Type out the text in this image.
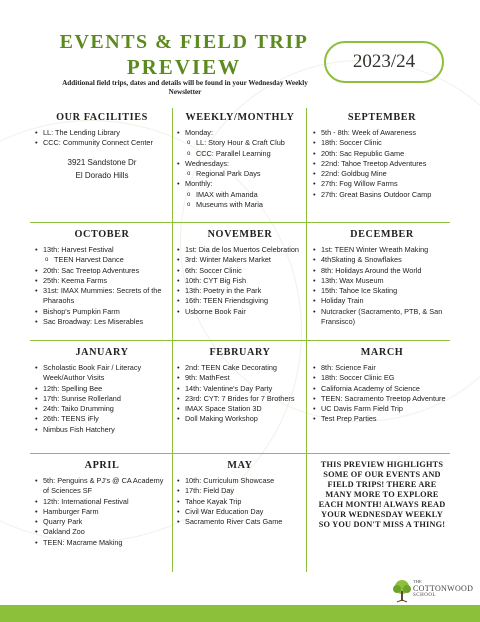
EVENTS & FIELD TRIP
PREVIEW	2023/24
Additional field trips, dates and details will be found in your Wednesday Weekly Newsletter
OUR FACILITIES
• LL: The Lending Library
• CCC: Community Connect Center
3921 Sandstone Dr
El Dorado Hills
WEEKLY/MONTHLY
• Monday:
o LL: Story Hour & Craft Club
o CCC: Parallel Learning
• Wednesdays:
o Regional Park Days
• Monthly:
o IMAX with Amanda
o Museums with Maria
SEPTEMBER
• 5th - 8th: Week of Awareness
• 18th: Soccer Clinic
• 20th: Sac Republic Game
• 22nd: Tahoe Treetop Adventures
• 22nd: Goldbug Mine
• 27th: Fog Willow Farms
• 27th: Great Basins Outdoor Camp
OCTOBER
• 13th: Harvest Festival
o TEEN Harvest Dance
• 20th: Sac Treetop Adventures
• 25th: Keema Farms
• 31st: IMAX Mummies: Secrets of the Pharaohs
• Bishop's Pumpkin Farm
• Sac Broadway: Les Miserables
NOVEMBER
• 1st: Dia de los Muertos Celebration
• 3rd: Winter Makers Market
• 6th: Soccer Clinic
• 10th: CYT Big Fish
• 13th: Poetry in the Park
• 16th: TEEN Friendsgiving
• Usborne Book Fair
DECEMBER
• 1st: TEEN Winter Wreath Making
• 4thSkating & Snowflakes
• 8th: Holidays Around the World
• 13th: Wax Museum
• 15th: Tahoe Ice Skating
• Holiday Train
• Nutcracker (Sacramento, PTB, & San Fransisco)
JANUARY
• Scholastic Book Fair / Literacy Week/Author Visits
• 12th: Spelling Bee
• 17th: Sunrise Rollerland
• 24th: Taiko Drumming
• 26th: TEENS iFly
• Nimbus Fish Hatchery
FEBRUARY
• 2nd: TEEN Cake Decorating
• 9th: MathFest
• 14th: Valentine's Day Party
• 23rd: CYT: 7 Brides for 7 Brothers
• IMAX Space Station 3D
• Doll Making Workshop
MARCH
• 8th: Science Fair
• 18th: Soccer Clinic EG
• California Academy of Science
• TEEN: Sacramento Treetop Adventure
• UC Davis Farm Field Trip
• Test Prep Parties
APRIL
• 5th: Penguins & PJ's @ CA Academy of Sciences SF
• 12th: International Festival
• Hamburger Farm
• Quarry Park
• Oakland Zoo
• TEEN: Macrame Making
MAY
• 10th: Curriculum Showcase
• 17th: Field Day
• Tahoe Kayak Trip
• Civil War Education Day
• Sacramento River Cats Game
THIS PREVIEW HIGHLIGHTS SOME OF OUR EVENTS AND FIELD TRIPS! THERE ARE MANY MORE TO EXPLORE EACH MONTH! ALWAYS READ YOUR WEDNESDAY WEEKLY SO YOU DON'T MISS A THING!
THE
COTTONWOOD
SCHOOL
